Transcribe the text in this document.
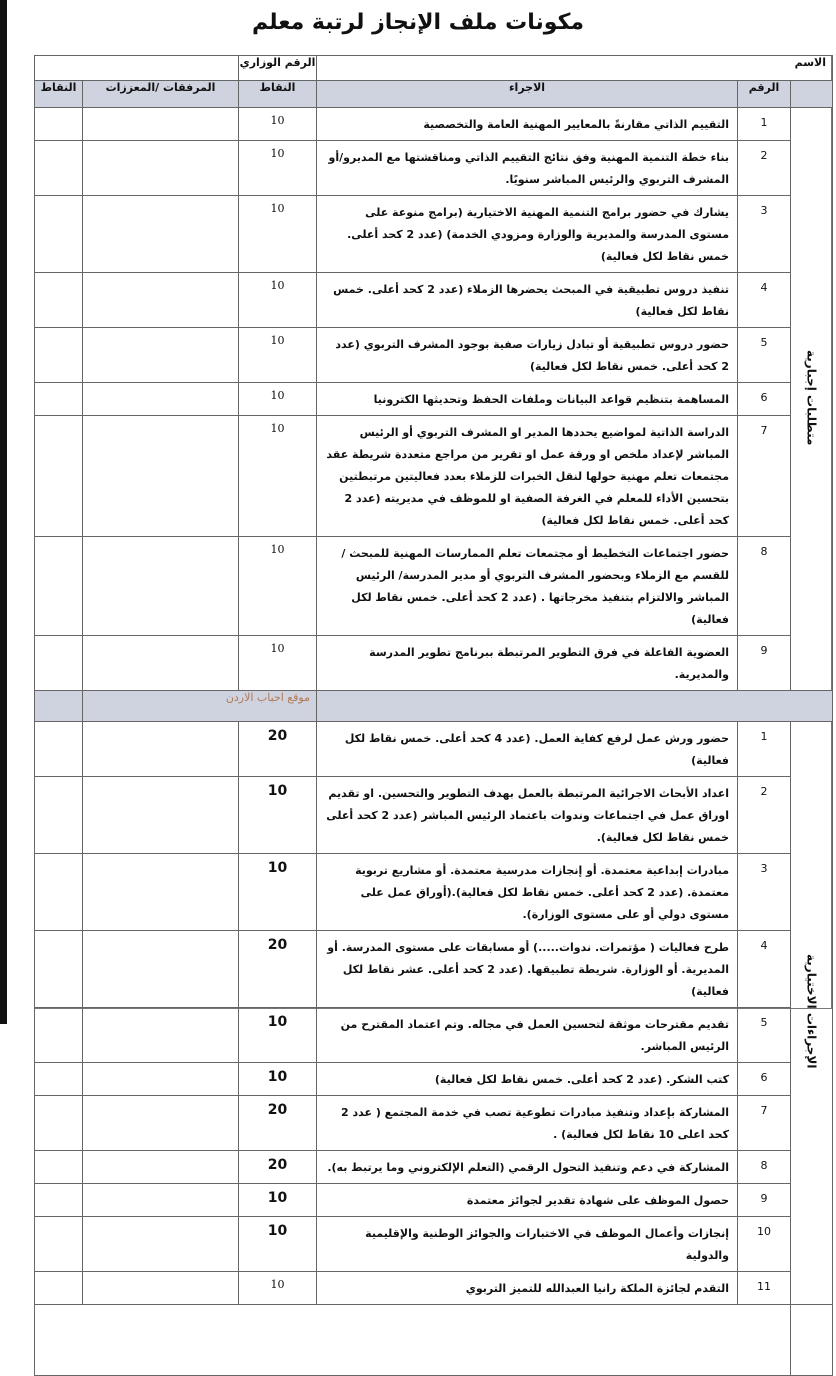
مكونات ملف الإنجاز لرتبة معلم
الاسم			الرقم الوزاري		
	الرقم	الاجراء	النقاط	المرفقات /المعززات	النقاط
متطلبات إجبارية	1	التقييم الذاتي مقارنةً بالمعايير المهنية العامة والتخصصية	10		
	2	بناء خطة التنمية المهنية وفق نتائج التقييم الذاتي ومناقشتها مع المديرو/أو المشرف التربوي والرئيس المباشر سنويًا.	10		
	3	يشارك في حضور برامج التنمية المهنية الاختيارية (برامج منوعة على مستوى المدرسة والمديرية والوزارة ومزودي الخدمة) (عدد 2 كحد أعلى. خمس نقاط لكل فعالية)	10		
	4	تنفيذ دروس تطبيقية في المبحث يحضرها الزملاء (عدد 2 كحد أعلى. خمس نقاط لكل فعالية)	10		
	5	حضور دروس تطبيقية أو تبادل زيارات صفية بوجود المشرف التربوي (عدد 2 كحد أعلى. خمس نقاط لكل فعالية)	10		
	6	المساهمة بتنظيم قواعد البيانات وملفات الحفظ وتحديثها الكترونيا	10		
	7	الدراسة الذاتية لمواضيع يحددها المدير او المشرف التربوي أو الرئيس المباشر لإعداد ملخص او ورقة عمل او تقرير من مراجع متعددة شريطة عقد مجتمعات تعلم مهنية حولها لنقل الخبرات للزملاء بعدد فعاليتين مرتبطتين بتحسين الأداء للمعلم في الغرفة الصفية او للموظف في مديريته (عدد 2 كحد أعلى. خمس نقاط لكل فعالية)	10		
	8	حضور اجتماعات التخطيط أو مجتمعات تعلم الممارسات المهنية للمبحث / للقسم مع الزملاء وبحضور المشرف التربوي أو مدير المدرسة/ الرئيس المباشر والالتزام بتنفيذ مخرجاتها . (عدد 2 كحد أعلى. خمس نقاط لكل فعالية)	10		
	9	العضوية الفاعلة في فرق التطوير المرتبطة ببرنامج تطوير المدرسة والمديرية.	10		
			موقع احباب الاردن		
الإجراءات الاختيارية	1	حضور ورش عمل لرفع كفاية العمل. (عدد 4 كحد أعلى. خمس نقاط لكل فعالية)	20		
	2	اعداد الأبحاث الاجرائية المرتبطة بالعمل بهدف التطوير والتحسين. او تقديم اوراق عمل في اجتماعات وندوات باعتماد الرئيس المباشر (عدد 2 كحد أعلى خمس نقاط لكل فعالية).	10		
	3	مبادرات إبداعية معتمدة. أو إنجازات مدرسية معتمدة. أو مشاريع تربوية معتمدة. (عدد 2 كحد أعلى. خمس نقاط لكل فعالية).(أوراق عمل على مستوى دولي أو على مستوى الوزارة).	10		
	4	طرح فعاليات ( مؤتمرات. ندوات.....) أو مسابقات على مستوى المدرسة. أو المديرية. أو الوزارة. شريطة تطبيقها. (عدد 2 كحد أعلى. عشر نقاط لكل فعالية)	20		
	5	تقديم مقترحات موثقة لتحسين العمل في مجاله. وتم اعتماد المقترح من الرئيس المباشر.	10		
	6	كتب الشكر. (عدد 2 كحد أعلى. خمس نقاط لكل فعالية)	10		
	7	المشاركة بإعداد وتنفيذ مبادرات تطوعية تصب في خدمة المجتمع ( عدد 2 كحد اعلى 10 نقاط لكل فعالية) .	20		
	8	المشاركة في دعم وتنفيذ التحول الرقمي (التعلم الإلكتروني وما يرتبط به).	20		
	9	حصول الموظف على شهادة تقدير لجوائز معتمدة	10		
	10	إنجازات وأعمال الموظف في الاختبارات والجوائز الوطنية والإقليمية والدولية	10		
	11	التقدم لجائزة الملكة رانيا العبدالله للتميز التربوي	10		
